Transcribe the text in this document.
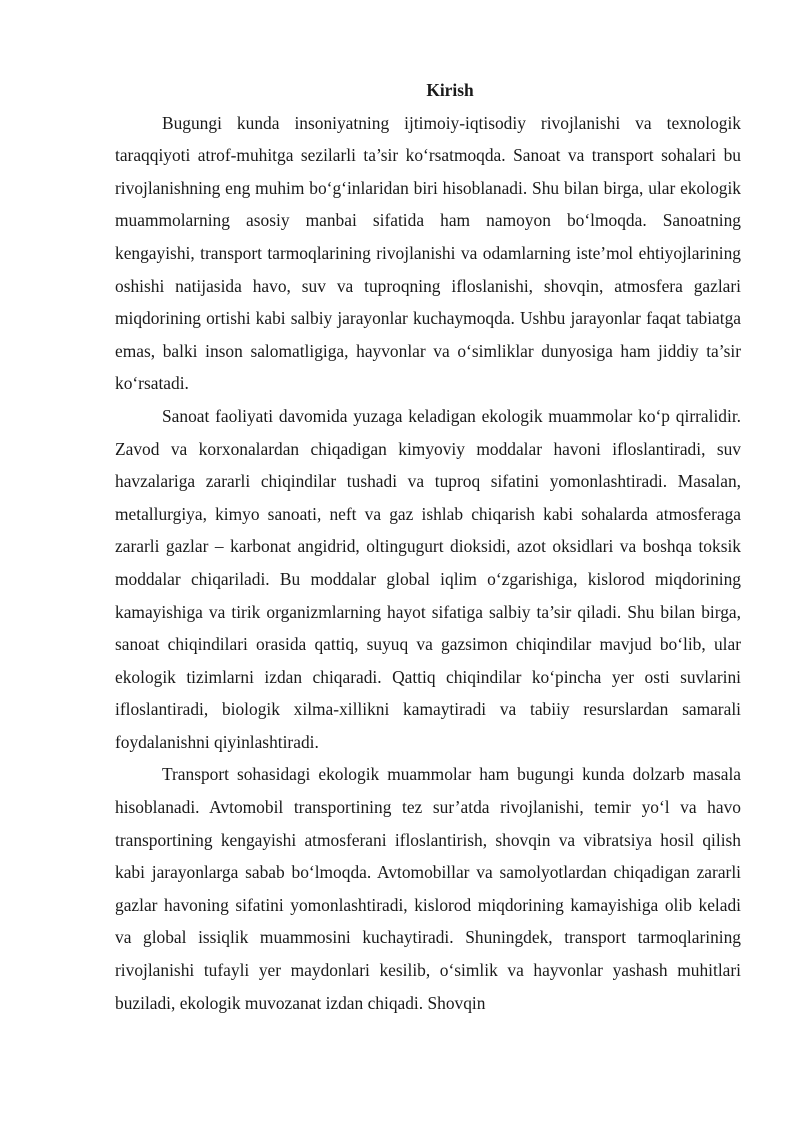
Kirish

Bugungi kunda insoniyatning ijtimoiy-iqtisodiy rivojlanishi va texnologik taraqqiyoti atrof-muhitga sezilarli ta’sir ko‘rsatmoqda. Sanoat va transport sohalari bu rivojlanishning eng muhim bo‘g‘inlaridan biri hisoblanadi. Shu bilan birga, ular ekologik muammolarning asosiy manbai sifatida ham namoyon bo‘lmoqda. Sanoatning kengayishi, transport tarmoqlarining rivojlanishi va odamlarning iste’mol ehtiyojlarining oshishi natijasida havo, suv va tuproqning ifloslanishi, shovqin, atmosfera gazlari miqdorining ortishi kabi salbiy jarayonlar kuchaymoqda. Ushbu jarayonlar faqat tabiatga emas, balki inson salomatligiga, hayvonlar va o‘simliklar dunyosiga ham jiddiy ta’sir ko‘rsatadi.

Sanoat faoliyati davomida yuzaga keladigan ekologik muammolar ko‘p qirralidir. Zavod va korxonalardan chiqadigan kimyoviy moddalar havoni ifloslantiradi, suv havzalariga zararli chiqindilar tushadi va tuproq sifatini yomonlashtiradi. Masalan, metallurgiya, kimyo sanoati, neft va gaz ishlab chiqarish kabi sohalarda atmosferaga zararli gazlar – karbonat angidrid, oltingugurt dioksidi, azot oksidlari va boshqa toksik moddalar chiqariladi. Bu moddalar global iqlim o‘zgarishiga, kislorod miqdorining kamayishiga va tirik organizmlarning hayot sifatiga salbiy ta’sir qiladi. Shu bilan birga, sanoat chiqindilari orasida qattiq, suyuq va gazsimon chiqindilar mavjud bo‘lib, ular ekologik tizimlarni izdan chiqaradi. Qattiq chiqindilar ko‘pincha yer osti suvlarini ifloslantiradi, biologik xilma-xillikni kamaytiradi va tabiiy resurslardan samarali foydalanishni qiyinlashtiradi.

Transport sohasidagi ekologik muammolar ham bugungi kunda dolzarb masala hisoblanadi. Avtomobil transportining tez sur’atda rivojlanishi, temir yo‘l va havo transportining kengayishi atmosferani ifloslantirish, shovqin va vibratsiya hosil qilish kabi jarayonlarga sabab bo‘lmoqda. Avtomobillar va samolyotlardan chiqadigan zararli gazlar havoning sifatini yomonlashtiradi, kislorod miqdorining kamayishiga olib keladi va global issiqlik muammosini kuchaytiradi. Shuningdek, transport tarmoqlarining rivojlanishi tufayli yer maydonlari kesilib, o‘simlik va hayvonlar yashash muhitlari buziladi, ekologik muvozanat izdan chiqadi. Shovqin
